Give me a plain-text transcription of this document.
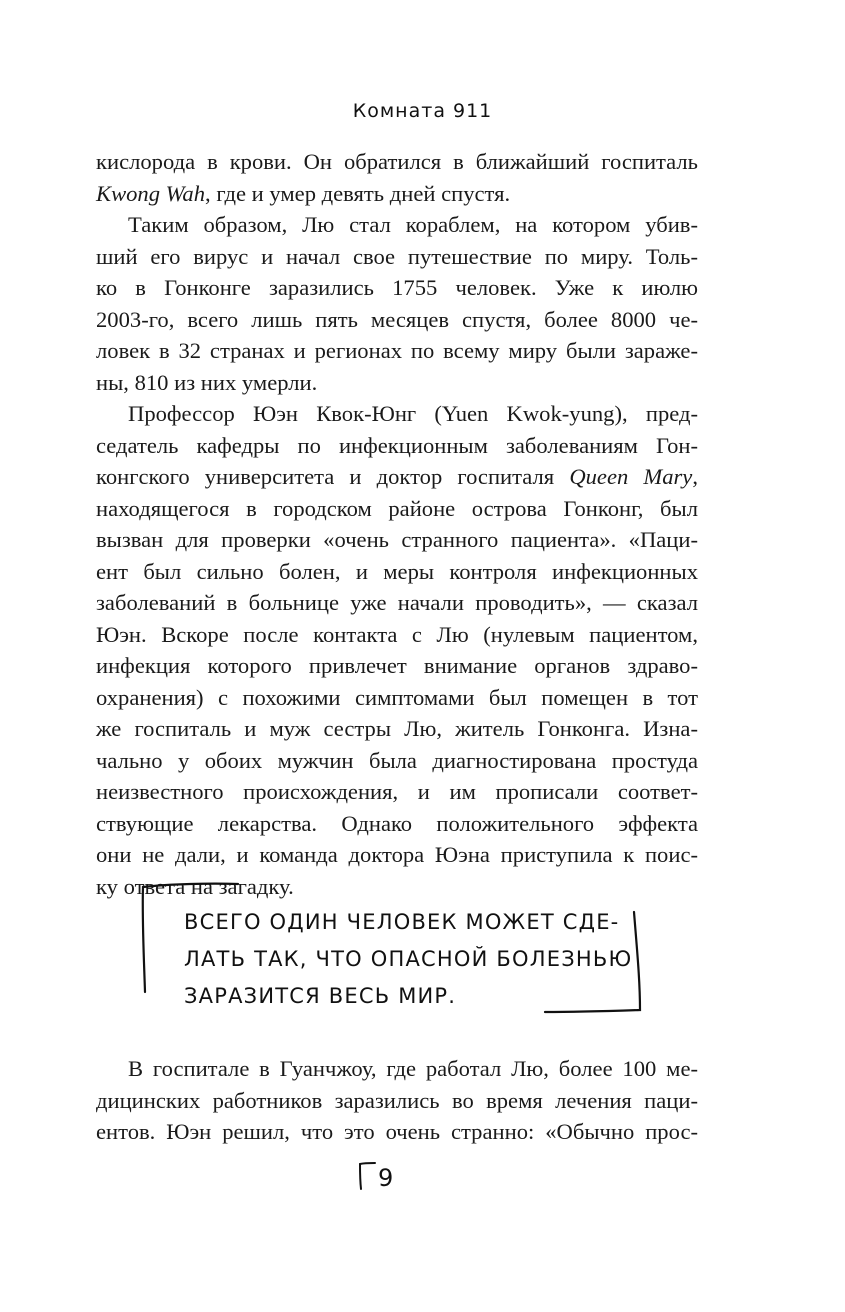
Комната 911
кислорода в крови. Он обратился в ближайший госпиталь
Kwong Wah, где и умер девять дней спустя.
Таким образом, Лю стал кораблем, на котором убив-
ший его вирус и начал свое путешествие по миру. Толь-
ко в Гонконге заразились 1755 человек. Уже к июлю
2003-го, всего лишь пять месяцев спустя, более 8000 че-
ловек в 32 странах и регионах по всему миру были зараже-
ны, 810 из них умерли.
Профессор Юэн Квок-Юнг (Yuen Kwok-yung), пред-
седатель кафедры по инфекционным заболеваниям Гон-
конгского университета и доктор госпиталя Queen Mary,
находящегося в городском районе острова Гонконг, был
вызван для проверки «очень странного пациента». «Паци-
ент был сильно болен, и меры контроля инфекционных
заболеваний в больнице уже начали проводить», — сказал
Юэн. Вскоре после контакта с Лю (нулевым пациентом,
инфекция которого привлечет внимание органов здраво-
охранения) с похожими симптомами был помещен в тот
же госпиталь и муж сестры Лю, житель Гонконга. Изна-
чально у обоих мужчин была диагностирована простуда
неизвестного происхождения, и им прописали соответ-
ствующие лекарства. Однако положительного эффекта
они не дали, и команда доктора Юэна приступила к поис-
ку ответа на загадку.
ВСЕГО ОДИН ЧЕЛОВЕК МОЖЕТ СДЕ-
ЛАТЬ ТАК, ЧТО ОПАСНОЙ БОЛЕЗНЬЮ
ЗАРАЗИТСЯ ВЕСЬ МИР.
В госпитале в Гуанчжоу, где работал Лю, более 100 ме-
дицинских работников заразились во время лечения паци-
ентов. Юэн решил, что это очень странно: «Обычно прос-
9
